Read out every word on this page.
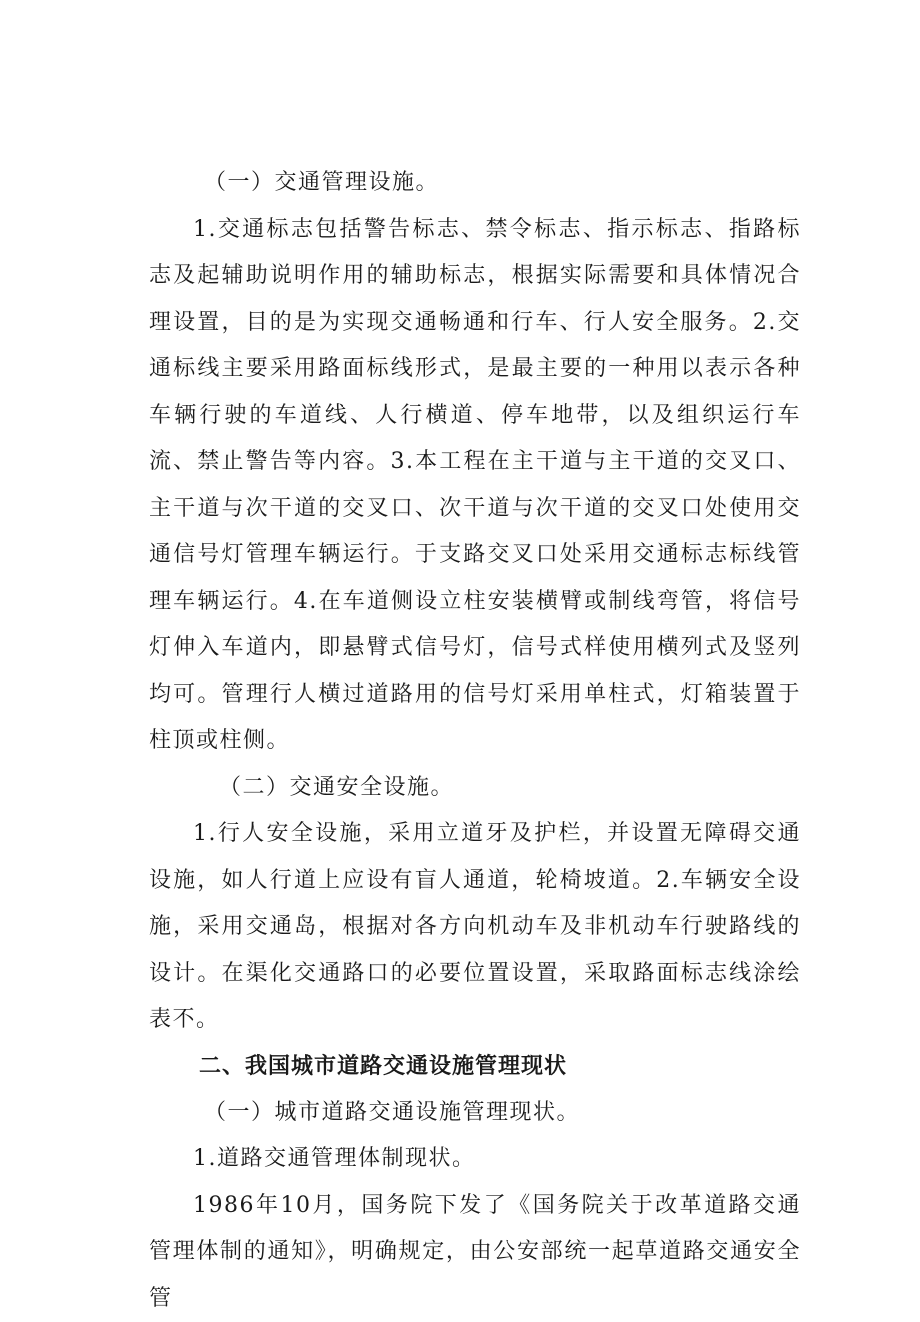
（一）交通管理设施。

1.交通标志包括警告标志、禁令标志、指示标志、指路标志及起辅助说明作用的辅助标志，根据实际需要和具体情况合理设置，目的是为实现交通畅通和行车、行人安全服务。2.交通标线主要采用路面标线形式，是最主要的一种用以表示各种车辆行驶的车道线、人行横道、停车地带，以及组织运行车流、禁止警告等内容。3.本工程在主干道与主干道的交叉口、主干道与次干道的交叉口、次干道与次干道的交叉口处使用交通信号灯管理车辆运行。于支路交叉口处采用交通标志标线管理车辆运行。4.在车道侧设立柱安装横臂或制线弯管，将信号灯伸入车道内，即悬臂式信号灯，信号式样使用横列式及竖列均可。管理行人横过道路用的信号灯采用单柱式，灯箱装置于柱顶或柱侧。

（二）交通安全设施。

1.行人安全设施，采用立道牙及护栏，并设置无障碍交通设施，如人行道上应设有盲人通道，轮椅坡道。2.车辆安全设施，采用交通岛，根据对各方向机动车及非机动车行驶路线的设计。在渠化交通路口的必要位置设置，采取路面标志线涂绘表不。

二、我国城市道路交通设施管理现状

（一）城市道路交通设施管理现状。

1.道路交通管理体制现状。

1986年10月，国务院下发了《国务院关于改革道路交通管理体制的通知》，明确规定，由公安部统一起草道路交通安全管
